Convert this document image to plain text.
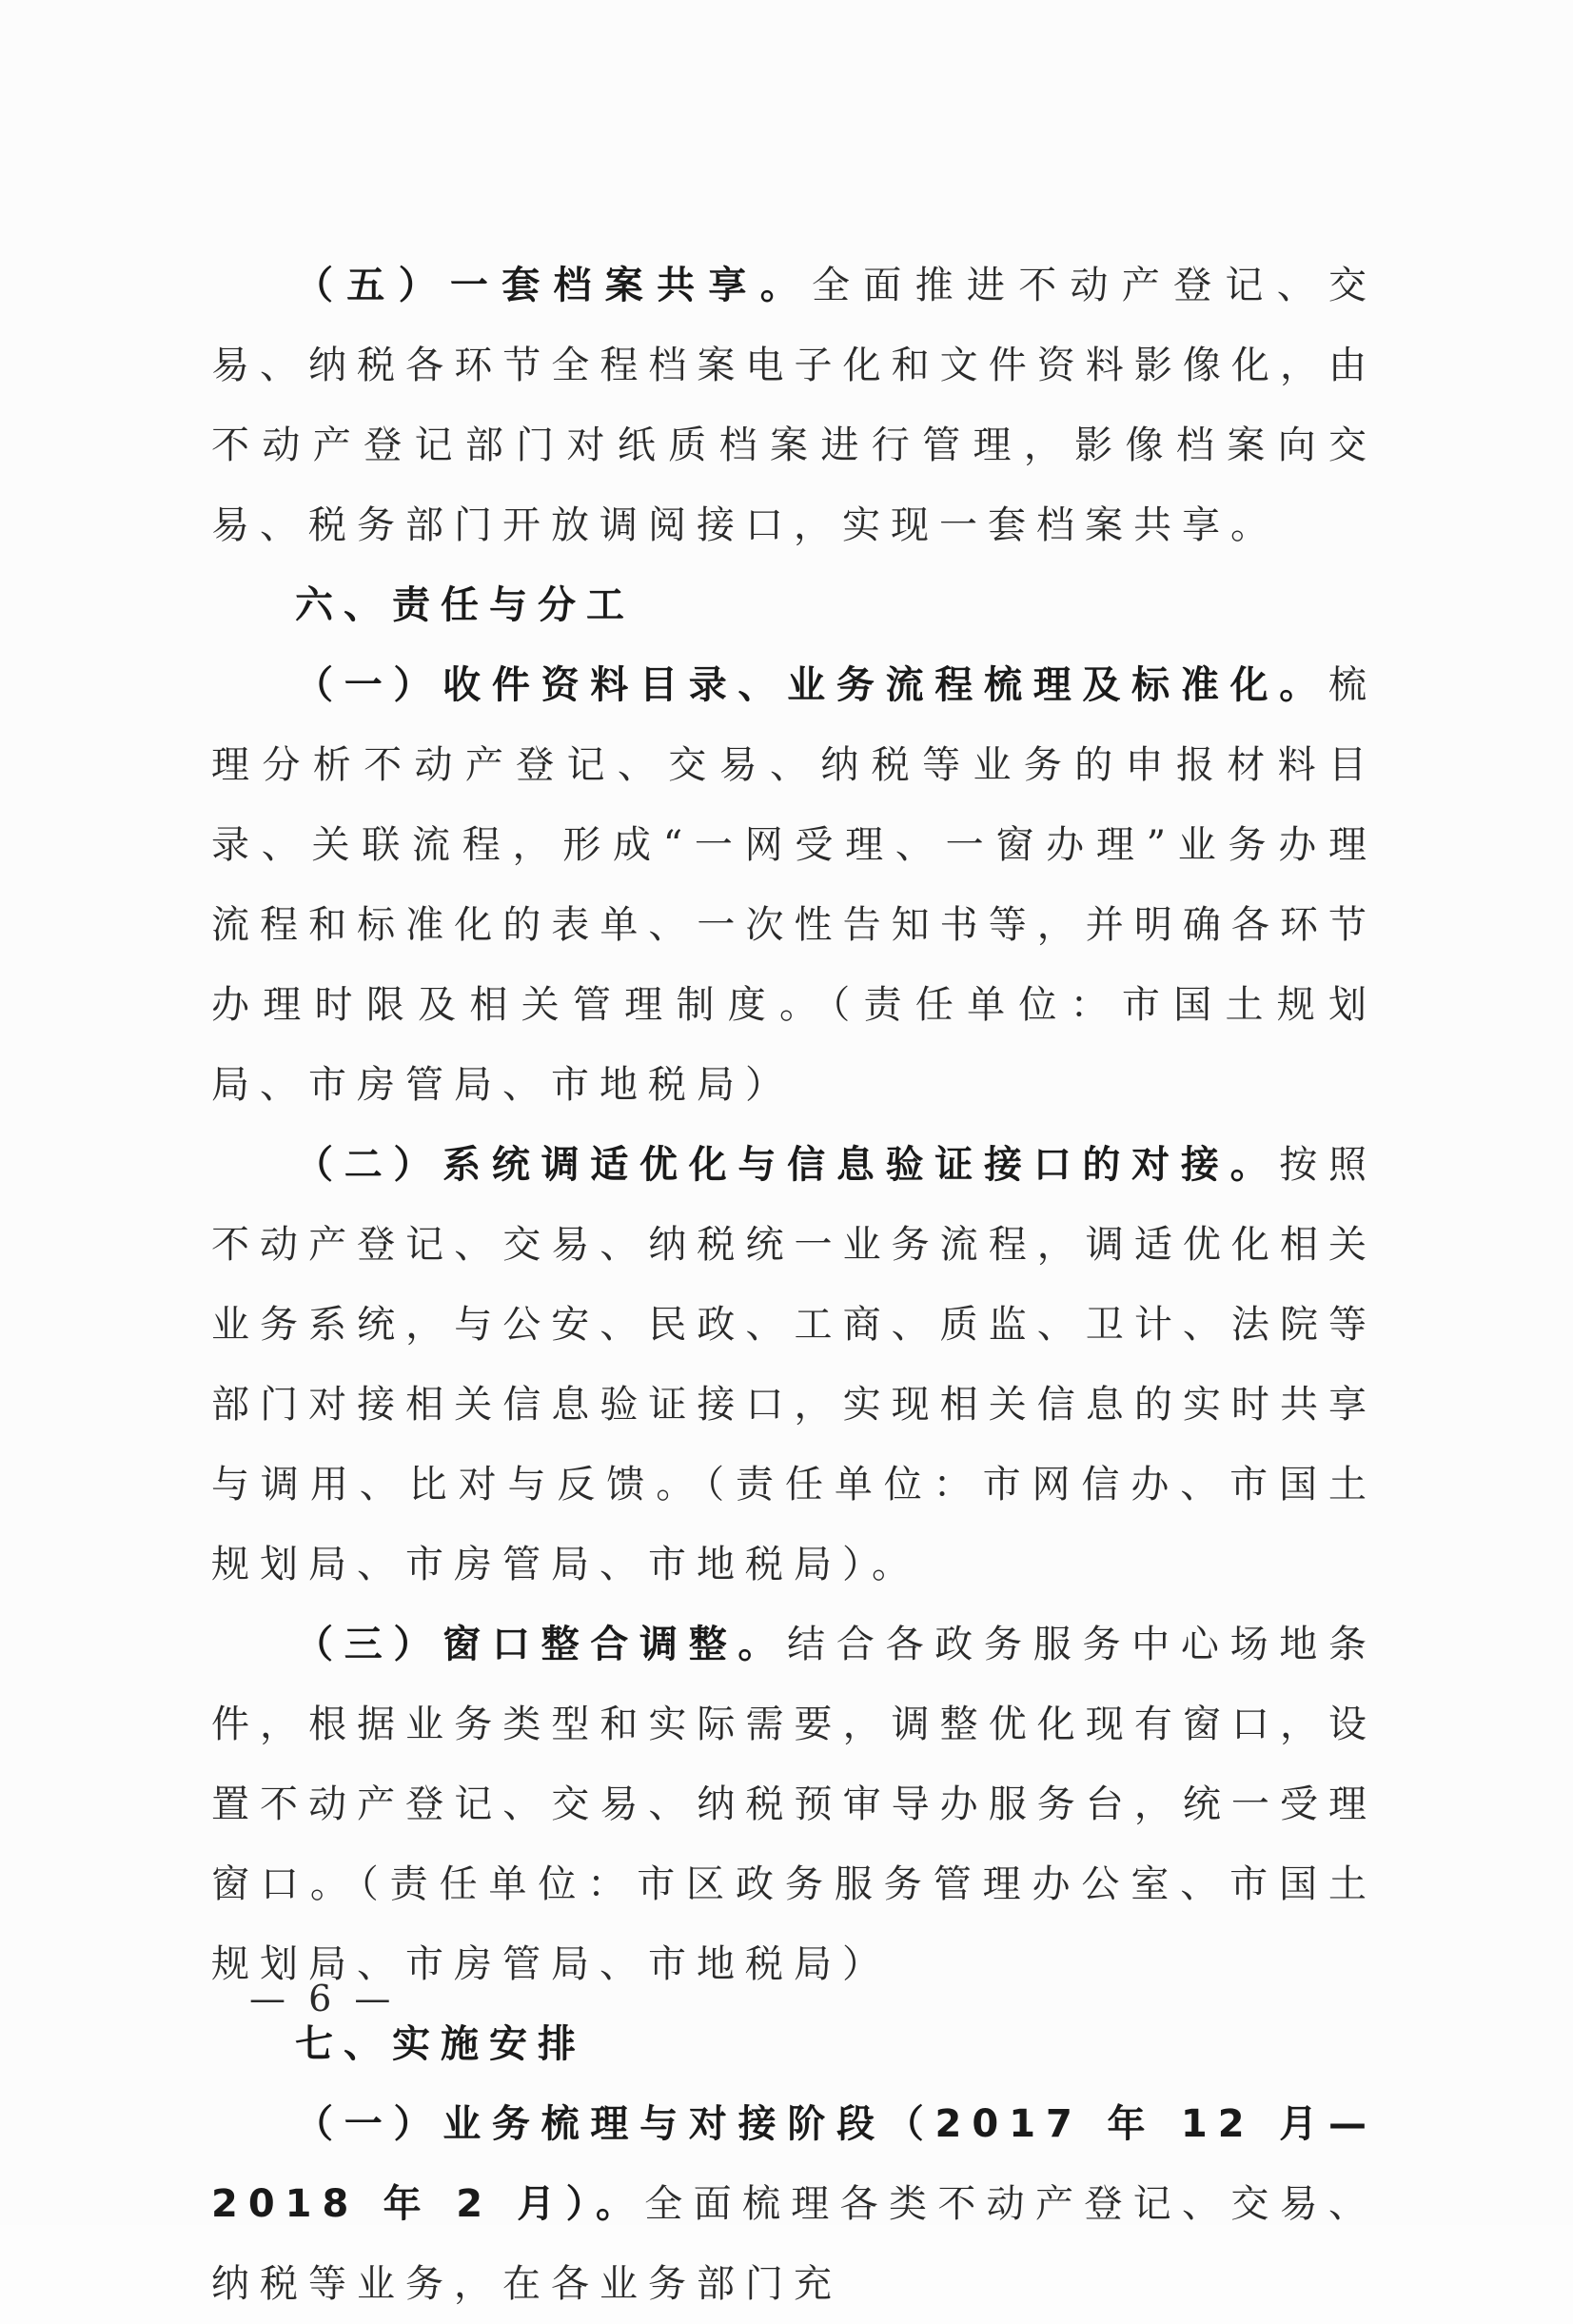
（五）一套档案共享。全面推进不动产登记、交易、纳税各环节全程档案电子化和文件资料影像化，由不动产登记部门对纸质档案进行管理，影像档案向交易、税务部门开放调阅接口，实现一套档案共享。

六、责任与分工

（一）收件资料目录、业务流程梳理及标准化。梳理分析不动产登记、交易、纳税等业务的申报材料目录、关联流程，形成“一网受理、一窗办理”业务办理流程和标准化的表单、一次性告知书等，并明确各环节办理时限及相关管理制度。（责任单位：市国土规划局、市房管局、市地税局）

（二）系统调适优化与信息验证接口的对接。按照不动产登记、交易、纳税统一业务流程，调适优化相关业务系统，与公安、民政、工商、质监、卫计、法院等部门对接相关信息验证接口，实现相关信息的实时共享与调用、比对与反馈。（责任单位：市网信办、市国土规划局、市房管局、市地税局）。

（三）窗口整合调整。结合各政务服务中心场地条件，根据业务类型和实际需要，调整优化现有窗口，设置不动产登记、交易、纳税预审导办服务台，统一受理窗口。（责任单位：市区政务服务管理办公室、市国土规划局、市房管局、市地税局）

七、实施安排

（一）业务梳理与对接阶段（2017 年 12 月—2018 年 2 月）。全面梳理各类不动产登记、交易、纳税等业务，在各业务部门充

— 6 —
